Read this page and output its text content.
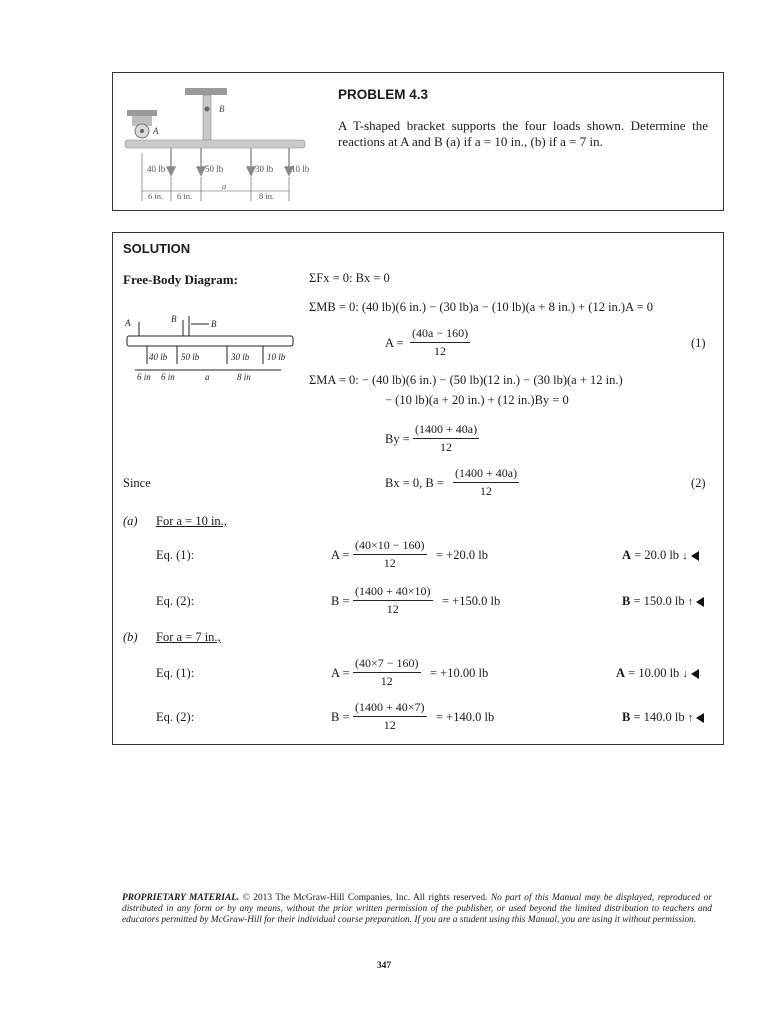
B
A
40 lb	50 lb	30 lb 10 lb
6 in. 6 in.
a
8 in.
PROBLEM 4.3
A T-shaped bracket supports the four loads shown. Determine the reactions at A and B (a) if a = 10 in., (b) if a = 7 in.
SOLUTION
Free-Body Diagram:
A	B	B
40 lb 50 lb	30 lb 10 lb
6 in 6 in	a	8 in
ΣFx = 0: Bx = 0
ΣMB = 0: (40 lb)(6 in.) − (30 lb)a − (10 lb)(a + 8 in.) + (12 in.)A = 0
$A = \frac{(40a - 160)}{12}$	(1)
ΣMA = 0: − (40 lb)(6 in.) − (50 lb)(12 in.) − (30 lb)(a + 12 in.)
− (10 lb)(a + 20 in.) + (12 in.)By = 0
$By = \frac{(1400 + 40a)}{12}$
Since	Bx = 0, $B = \frac{(1400 + 40a)}{12}$	(2)
(a) For a = 10 in.,
Eq. (1):	$A = \frac{(40\times 10 - 160)}{12} = +20.0$ lb	A = 20.0 lb ↓
Eq. (2):	$B = \frac{(1400 + 40\times 10)}{12} = +150.0$ lb	B = 150.0 lb ↑
(b) For a = 7 in.,
Eq. (1):	$A = \frac{(40\times 7 - 160)}{12} = +10.00$ lb	A = 10.00 lb ↓
Eq. (2):	$B = \frac{(1400 + 40\times 7)}{12} = +140.0$ lb	B = 140.0 lb ↑
PROPRIETARY MATERIAL. © 2013 The McGraw-Hill Companies, Inc. All rights reserved. No part of this Manual may be displayed, reproduced or distributed in any form or by any means, without the prior written permission of the publisher, or used beyond the limited distribution to teachers and educators permitted by McGraw-Hill for their individual course preparation. If you are a student using this Manual, you are using it without permission.
347
